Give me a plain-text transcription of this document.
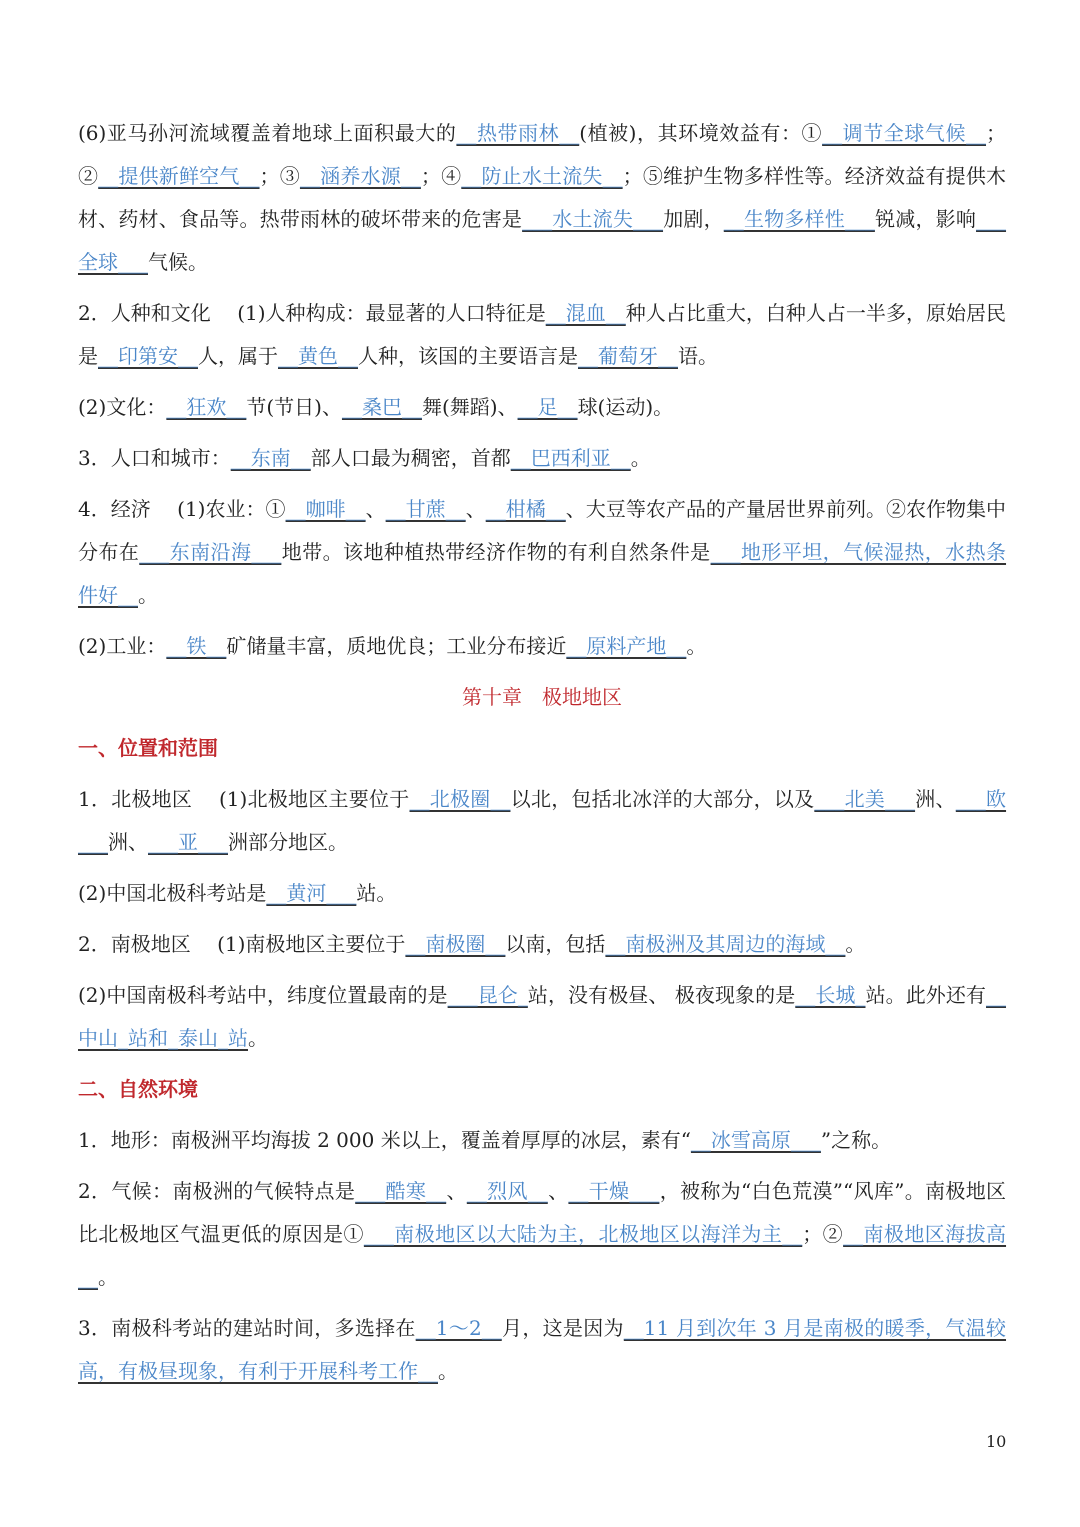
(6)亚马孙河流域覆盖着地球上面积最大的__热带雨林__(植被)，其环境效益有：①__调节全球气候__；②__提供新鲜空气__；③__涵养水源__；④__防止水土流失__；⑤维护生物多样性等。经济效益有提供木材、药材、食品等。热带雨林的破坏带来的危害是___水土流失___加剧，__生物多样性___锐减，影响___全球___气候。
2．人种和文化　 (1)人种构成：最显著的人口特征是__混血__种人占比重大，白种人占一半多，原始居民是__印第安__人，属于__黄色__人种，该国的主要语言是__葡萄牙__语。
(2)文化：__狂欢__节(节日)、__桑巴__舞(舞蹈)、__足__球(运动)。
3．人口和城市：__东南__部人口最为稠密，首都__巴西利亚__。
4．经济　 (1)农业：①__咖啡__、__甘蔗__、__柑橘__、大豆等农产品的产量居世界前列。②农作物集中分布在___东南沿海___地带。该地种植热带经济作物的有利自然条件是___地形平坦，气候湿热，水热条件好__。
(2)工业：__铁__矿储量丰富，质地优良；工业分布接近__原料产地__。
第十章　极地地区
一、位置和范围
1．北极地区　 (1)北极地区主要位于__北极圈__以北，包括北冰洋的大部分，以及___北美___洲、___欧___洲、___亚___洲部分地区。
(2)中国北极科考站是__黄河___站。
2．南极地区　 (1)南极地区主要位于__南极圈__以南，包括__南极洲及其周边的海域__。
(2)中国南极科考站中，纬度位置最南的是___昆仑_站，没有极昼、 极夜现象的是__长城_站。此外还有__中山_站和_泰山_站。
二、自然环境
1．地形：南极洲平均海拔 2 000 米以上，覆盖着厚厚的冰层，素有“__冰雪高原___”之称。
2．气候：南极洲的气候特点是___酷寒__、__烈风__、__干燥___，被称为“白色荒漠”“风库”。南极地区比北极地区气温更低的原因是①___南极地区以大陆为主，北极地区以海洋为主__；②__南极地区海拔高__。
3．南极科考站的建站时间，多选择在__1～2__月，这是因为__11 月到次年 3 月是南极的暖季，气温较高，有极昼现象，有利于开展科考工作__。
10
